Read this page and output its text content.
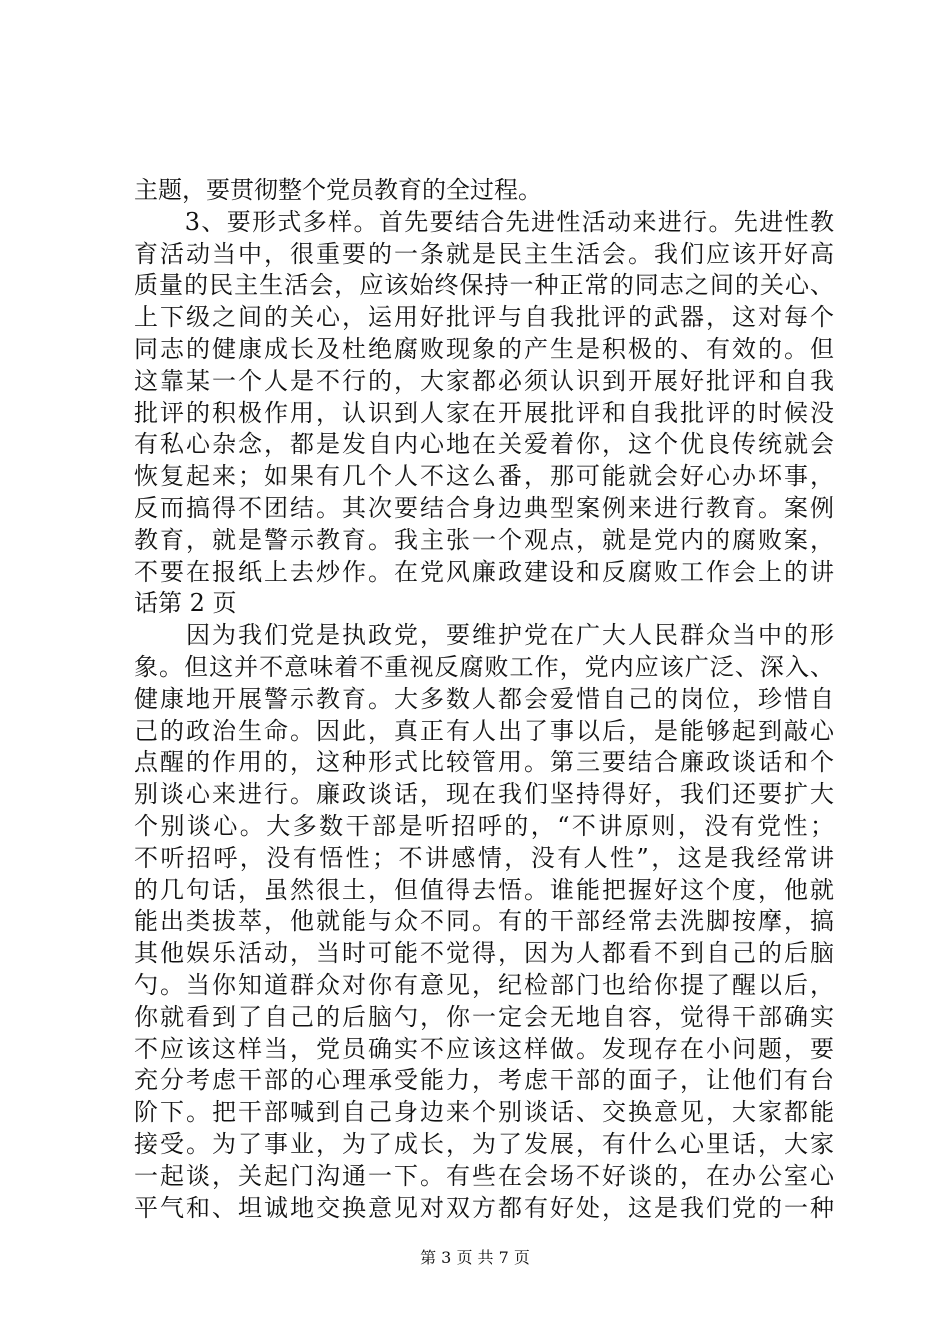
主题，要贯彻整个党员教育的全过程。
　　3、要形式多样。首先要结合先进性活动来进行。先进性教
育活动当中，很重要的一条就是民主生活会。我们应该开好高
质量的民主生活会，应该始终保持一种正常的同志之间的关心、
上下级之间的关心，运用好批评与自我批评的武器，这对每个
同志的健康成长及杜绝腐败现象的产生是积极的、有效的。但
这靠某一个人是不行的，大家都必须认识到开展好批评和自我
批评的积极作用，认识到人家在开展批评和自我批评的时候没
有私心杂念，都是发自内心地在关爱着你，这个优良传统就会
恢复起来；如果有几个人不这么番，那可能就会好心办坏事，
反而搞得不团结。其次要结合身边典型案例来进行教育。案例
教育，就是警示教育。我主张一个观点，就是党内的腐败案，
不要在报纸上去炒作。在党风廉政建设和反腐败工作会上的讲
话第 2 页
　　因为我们党是执政党，要维护党在广大人民群众当中的形
象。但这并不意味着不重视反腐败工作，党内应该广泛、深入、
健康地开展警示教育。大多数人都会爱惜自己的岗位，珍惜自
己的政治生命。因此，真正有人出了事以后，是能够起到敲心
点醒的作用的，这种形式比较管用。第三要结合廉政谈话和个
别谈心来进行。廉政谈话，现在我们坚持得好，我们还要扩大
个别谈心。大多数干部是听招呼的，“不讲原则，没有党性；
不听招呼，没有悟性；不讲感情，没有人性”，这是我经常讲
的几句话，虽然很土，但值得去悟。谁能把握好这个度，他就
能出类拔萃，他就能与众不同。有的干部经常去洗脚按摩，搞
其他娱乐活动，当时可能不觉得，因为人都看不到自己的后脑
勺。当你知道群众对你有意见，纪检部门也给你提了醒以后，
你就看到了自己的后脑勺，你一定会无地自容，觉得干部确实
不应该这样当，党员确实不应该这样做。发现存在小问题，要
充分考虑干部的心理承受能力，考虑干部的面子，让他们有台
阶下。把干部喊到自己身边来个别谈话、交换意见，大家都能
接受。为了事业，为了成长，为了发展，有什么心里话，大家
一起谈，关起门沟通一下。有些在会场不好谈的，在办公室心
平气和、坦诚地交换意见对双方都有好处，这是我们党的一种
第 3 页 共 7 页
